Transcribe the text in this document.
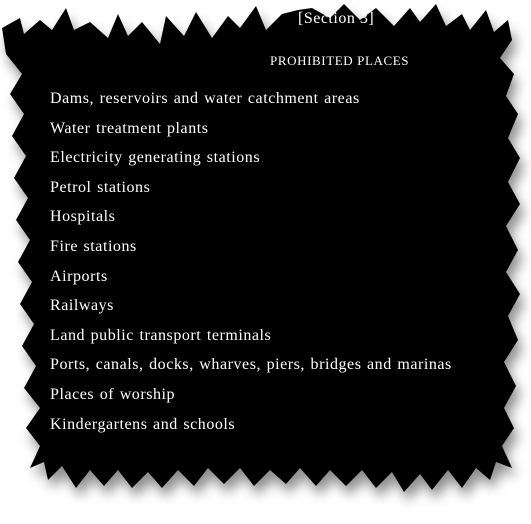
[Section 3]
PROHIBITED PLACES
Dams, reservoirs and water catchment areas
Water treatment plants
Electricity generating stations
Petrol stations
Hospitals
Fire stations
Airports
Railways
Land public transport terminals
Ports, canals, docks, wharves, piers, bridges and marinas
Places of worship
Kindergartens and schools
